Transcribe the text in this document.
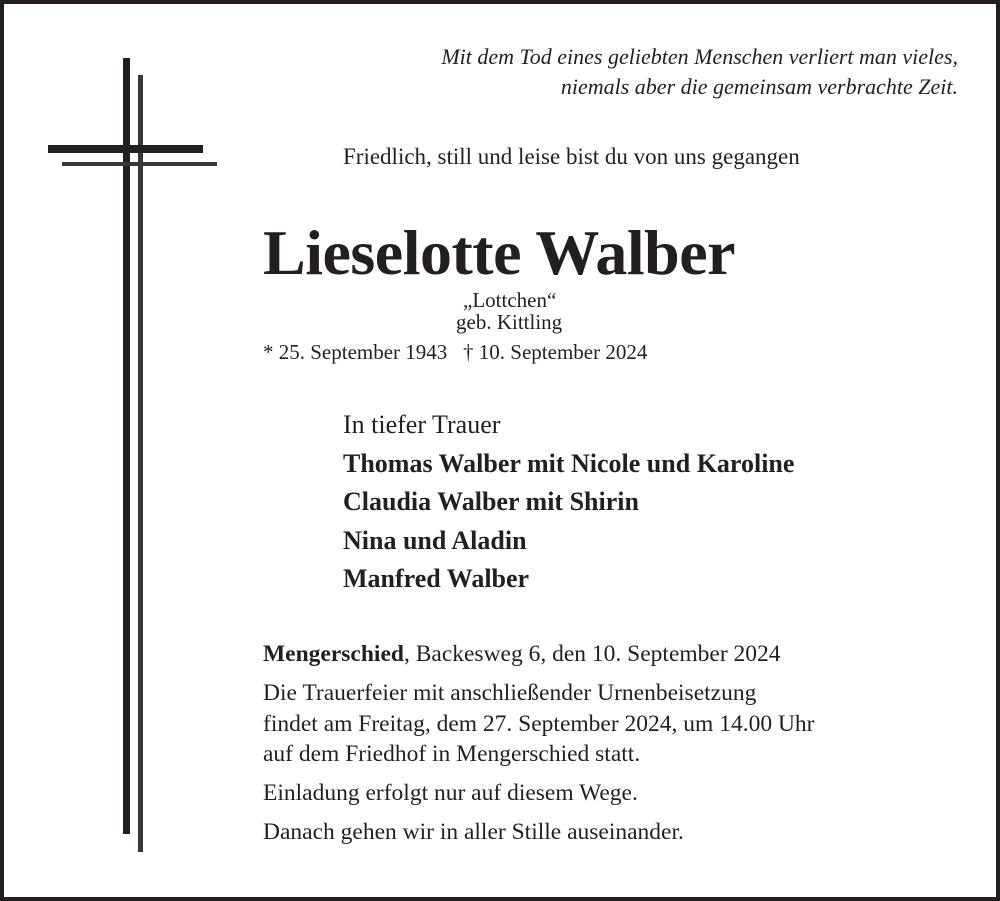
Mit dem Tod eines geliebten Menschen verliert man vieles,
niemals aber die gemeinsam verbrachte Zeit.
Friedlich, still und leise bist du von uns gegangen
Lieselotte Walber
„Lottchen“
geb. Kittling
* 25. September 1943   † 10. September 2024
In tiefer Trauer
Thomas Walber mit Nicole und Karoline
Claudia Walber mit Shirin
Nina und Aladin
Manfred Walber
Mengerschied, Backesweg 6, den 10. September 2024
Die Trauerfeier mit anschließender Urnenbeisetzung
findet am Freitag, dem 27. September 2024, um 14.00 Uhr
auf dem Friedhof in Mengerschied statt.
Einladung erfolgt nur auf diesem Wege.
Danach gehen wir in aller Stille auseinander.
